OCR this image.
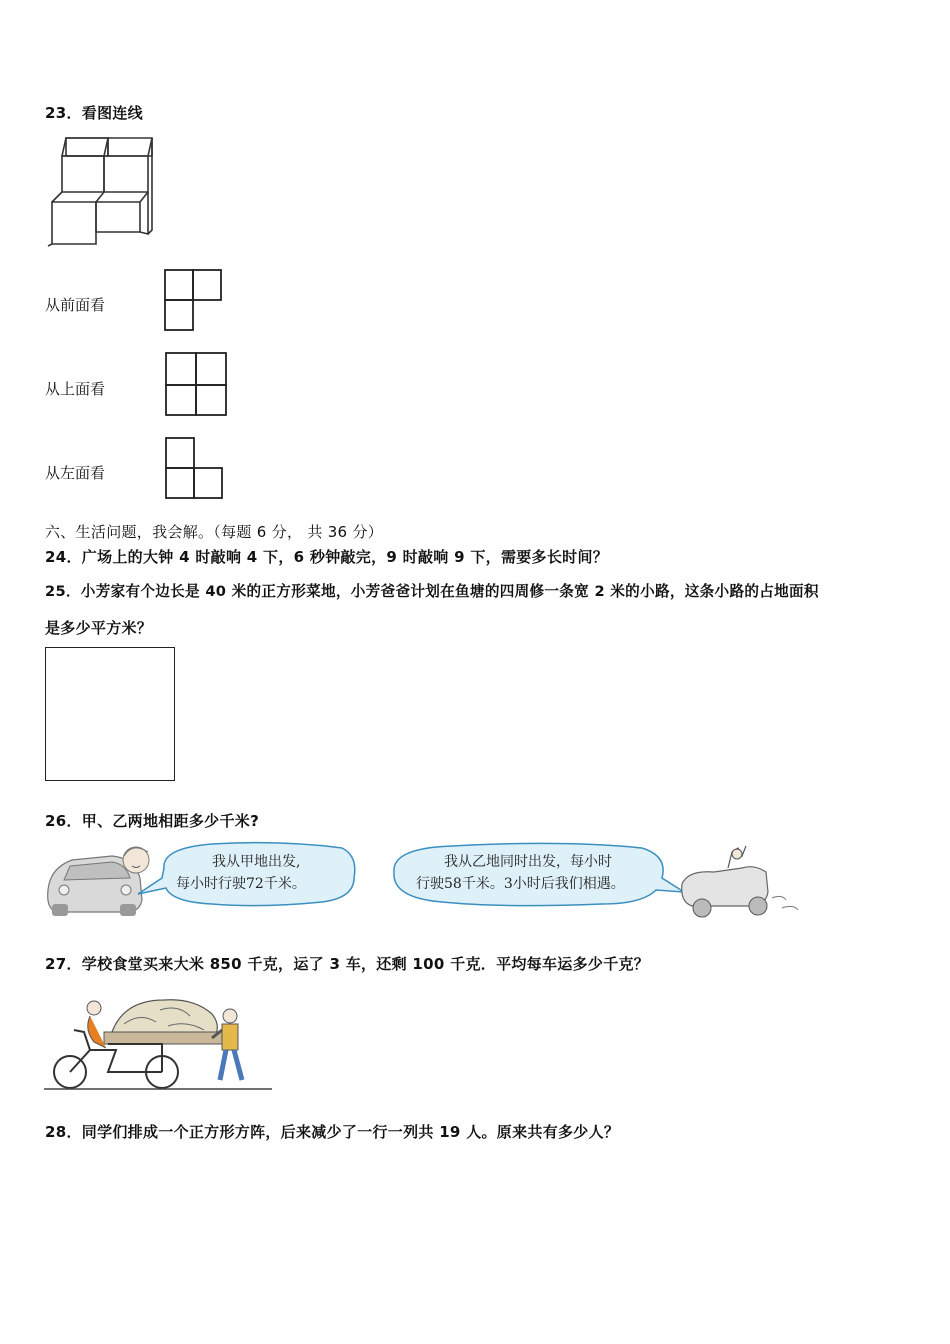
23．看图连线
从前面看
从上面看
从左面看
六、生活问题，我会解。（每题 6 分， 共 36 分）
24．广场上的大钟 4 时敲响 4 下，6 秒钟敲完，9 时敲响 9 下，需要多长时间？
25．小芳家有个边长是 40 米的正方形菜地，小芳爸爸计划在鱼塘的四周修一条宽 2 米的小路，这条小路的占地面积
是多少平方米？
26．甲、乙两地相距多少千米?
我从甲地出发,
每小时行驶72千米。
我从乙地同时出发，每小时
行驶58千米。3小时后我们相遇。
27．学校食堂买来大米 850 千克，运了 3 车，还剩 100 千克．平均每车运多少千克？
28．同学们排成一个正方形方阵，后来减少了一行一列共 19 人。原来共有多少人？
